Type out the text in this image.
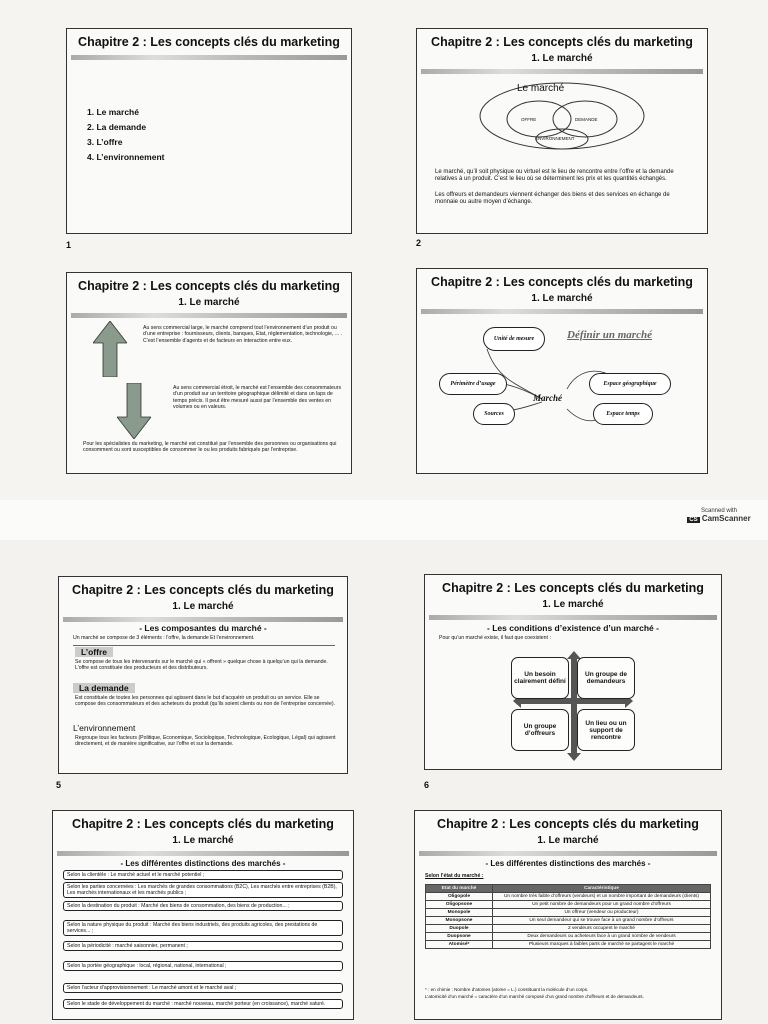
Chapitre 2 : Les concepts clés du marketing
1. Le marché
2. La demande
3. L’offre
4. L’environnement
1
Chapitre 2 : Les concepts clés du marketing
1. Le marché
Le marché
OFFRE	DEMANDE
ENVIRONNEMENT
Le marché, qu’il soit physique ou virtuel est le lieu de rencontre entre l’offre et la demande relatives à un produit. C’est le lieu où se déterminent les prix et les quantités échangés.
Les offreurs et demandeurs viennent échanger des biens et des services en échange de monnaie ou autre moyen d’échange.
2
Chapitre 2 : Les concepts clés du marketing
1. Le marché
Au sens commercial large, le marché comprend tout l’environnement d’un produit ou d’une entreprise : fournisseurs, clients, banques, Etat, réglementation, technologie, ... . C’est l’ensemble d’agents et de facteurs en interaction entre eux.
Au sens commercial étroit, le marché est l’ensemble des consommateurs d’un produit sur un territoire géographique délimité et dans un laps de temps précis. Il peut être mesuré aussi par l’ensemble des ventes en volumes ou en valeurs.
Pour les spécialistes du marketing, le marché est constitué par l’ensemble des personnes ou organisations qui consomment ou sont susceptibles de consommer le ou les produits fabriqués par l’entreprise.
Chapitre 2 : Les concepts clés du marketing
1. Le marché
Définir un marché
Unité de mesure
Périmètre d’usage
Sources
Espace géographique
Espace temps
Marché
Scanned with
CS CamScanner
Chapitre 2 : Les concepts clés du marketing
1. Le marché
- Les composantes du marché -
Un marché se compose de 3 éléments : l’offre, la demande Et l’environnement.
L’offre
Se compose de tous les intervenants sur le marché qui « offrent » quelque chose à quelqu’un qui la demande. L’offre est constituée des producteurs et des distributeurs.
La demande
Est constituée de toutes les personnes qui agissent dans le but d’acquérir un produit ou un service. Elle se compose des consommateurs et des acheteurs du produit (qu’ils soient clients ou non de l’entreprise concernée).
L’environnement
Regroupe tous les facteurs (Politique, Economique, Sociologique, Technologique, Ecologique, Légal) qui agissent directement, et de manière significative, sur l’offre et sur la demande.
5
Chapitre 2 : Les concepts clés du marketing
1. Le marché
- Les conditions d’existence d’un marché -
Pour qu’un marché existe, il faut que coexistent :
Un besoin clairement défini
Un groupe de demandeurs
Un groupe d’offreurs
Un lieu ou un support de rencontre
6
Chapitre 2 : Les concepts clés du marketing
1. Le marché
- Les différentes distinctions des marchés -
Selon la clientèle : Le marché actuel et le marché potentiel ;
Selon les parties concernées : Les marchés de grandes consommations (B2C), Les marchés entre entreprises (B2B), Les marchés internationaux et les marchés publics ;
Selon la destination du produit : Marché des biens de consommation, des biens de production... ;
Selon la nature physique du produit : Marché des biens industriels, des produits agricoles, des prestations de services... ;
Selon la périodicité : marché saisonnier, permanent ;
Selon la portée géographique : local, régional, national, international ;
Selon l’acteur d’approvisionnement : Le marché amont et le marché aval ;
Selon le stade de développement du marché : marché nouveau, marché porteur (en croissance), marché saturé.
Chapitre 2 : Les concepts clés du marketing
1. Le marché
- Les différentes distinctions des marchés -
Selon l’état du marché :
Etat du marché	Caractéristique
Oligopole	Un nombre très faible d’offreurs (vendeurs) et un nombre important de demandeurs (clients)
Oligopsone	Un petit nombre de demandeurs pour un grand nombre d’offreurs
Monopole	Un offreur (vendeur ou producteur)
Monopsone	Un seul demandeur qui se trouve face à un grand nombre d’offreurs
Duopole	2 vendeurs occupent le marché
Duopsone	Deux demandeurs ou acheteurs face à un grand nombre de vendeurs
Atomisé*	Plusieurs marques à faibles parts de marché se partagent le marché
* : en chimie : Nombre d’atomes (atome = L.) constituant la molécule d’un corps.
L’atomicité d’un marché = caractère d’un marché composé d’un grand nombre d’offreurs et de demandeurs.
